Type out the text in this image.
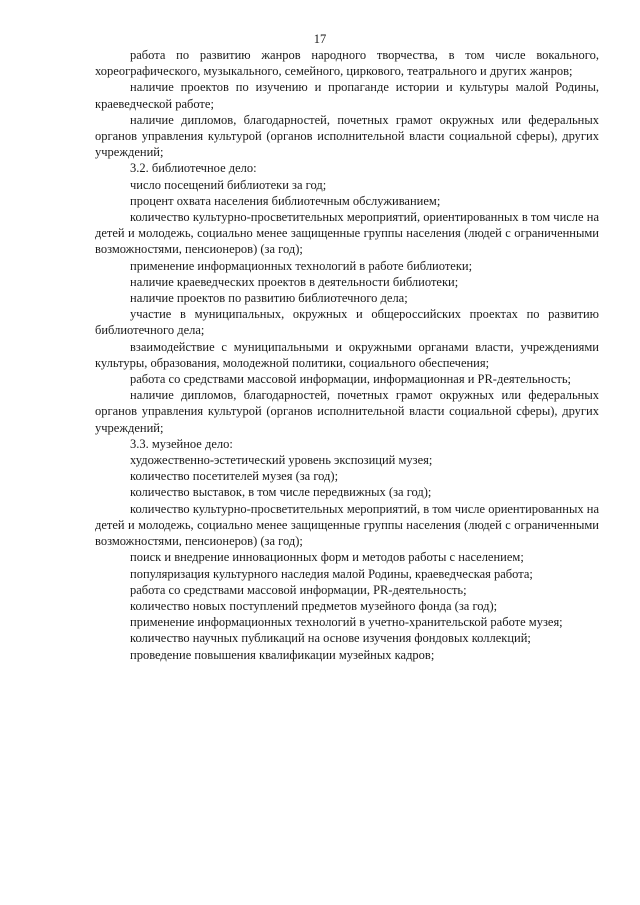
17

работа по развитию жанров народного творчества, в том числе вокального, хореографического, музыкального, семейного, циркового, театрального и других жанров;

наличие проектов по изучению и пропаганде истории и культуры малой Родины, краеведческой работе;

наличие дипломов, благодарностей, почетных грамот окружных или федеральных органов управления культурой (органов исполнительной власти социальной сферы), других учреждений;

3.2. библиотечное дело:

число посещений библиотеки за год;

процент охвата населения библиотечным обслуживанием;

количество культурно-просветительных мероприятий, ориентированных в том числе на детей и молодежь, социально менее защищенные группы населения (людей с ограниченными возможностями, пенсионеров) (за год);

применение информационных технологий в работе библиотеки;

наличие краеведческих проектов в деятельности библиотеки;

наличие проектов по развитию библиотечного дела;

участие в муниципальных, окружных и общероссийских проектах по развитию библиотечного дела;

взаимодействие с муниципальными и окружными органами власти, учреждениями культуры, образования, молодежной политики, социального обеспечения;

работа со средствами массовой информации, информационная и PR-деятельность;

наличие дипломов, благодарностей, почетных грамот окружных или федеральных органов управления культурой (органов исполнительной власти социальной сферы), других учреждений;

3.3. музейное дело:

художественно-эстетический уровень экспозиций музея;

количество посетителей музея (за год);

количество выставок, в том числе передвижных (за год);

количество культурно-просветительных мероприятий, в том числе ориентированных на детей и молодежь, социально менее защищенные группы населения (людей с ограниченными возможностями, пенсионеров) (за год);

поиск и внедрение инновационных форм и методов работы с населением;

популяризация культурного наследия малой Родины, краеведческая работа;

работа со средствами массовой информации, PR-деятельность;

количество новых поступлений предметов музейного фонда (за год);

применение информационных технологий в учетно-хранительской работе музея;

количество научных публикаций на основе изучения фондовых коллекций;

проведение повышения квалификации музейных кадров;
